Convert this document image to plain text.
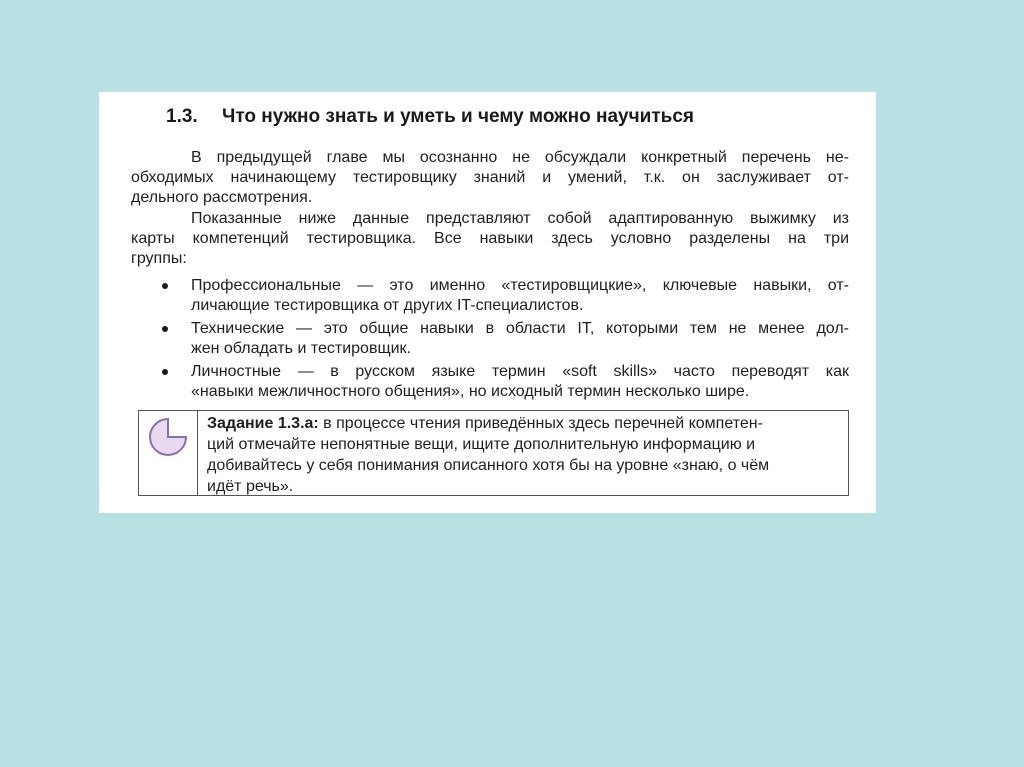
1.3. Что нужно знать и уметь и чему можно научиться
В предыдущей главе мы осознанно не обсуждали конкретный перечень не-
обходимых начинающему тестировщику знаний и умений, т.к. он заслуживает от-
дельного рассмотрения.
Показанные ниже данные представляют собой адаптированную выжимку из
карты компетенций тестировщика. Все навыки здесь условно разделены на три
группы:
Профессиональные — это именно «тестировщицкие», ключевые навыки, от-
личающие тестировщика от других IT-специалистов.
Технические — это общие навыки в области IT, которыми тем не менее дол-
жен обладать и тестировщик.
Личностные — в русском языке термин «soft skills» часто переводят как
«навыки межличностного общения», но исходный термин несколько шире.
Задание 1.3.a: в процессе чтения приведённых здесь перечней компетен-
ций отмечайте непонятные вещи, ищите дополнительную информацию и
добивайтесь у себя понимания описанного хотя бы на уровне «знаю, о чём
идёт речь».
